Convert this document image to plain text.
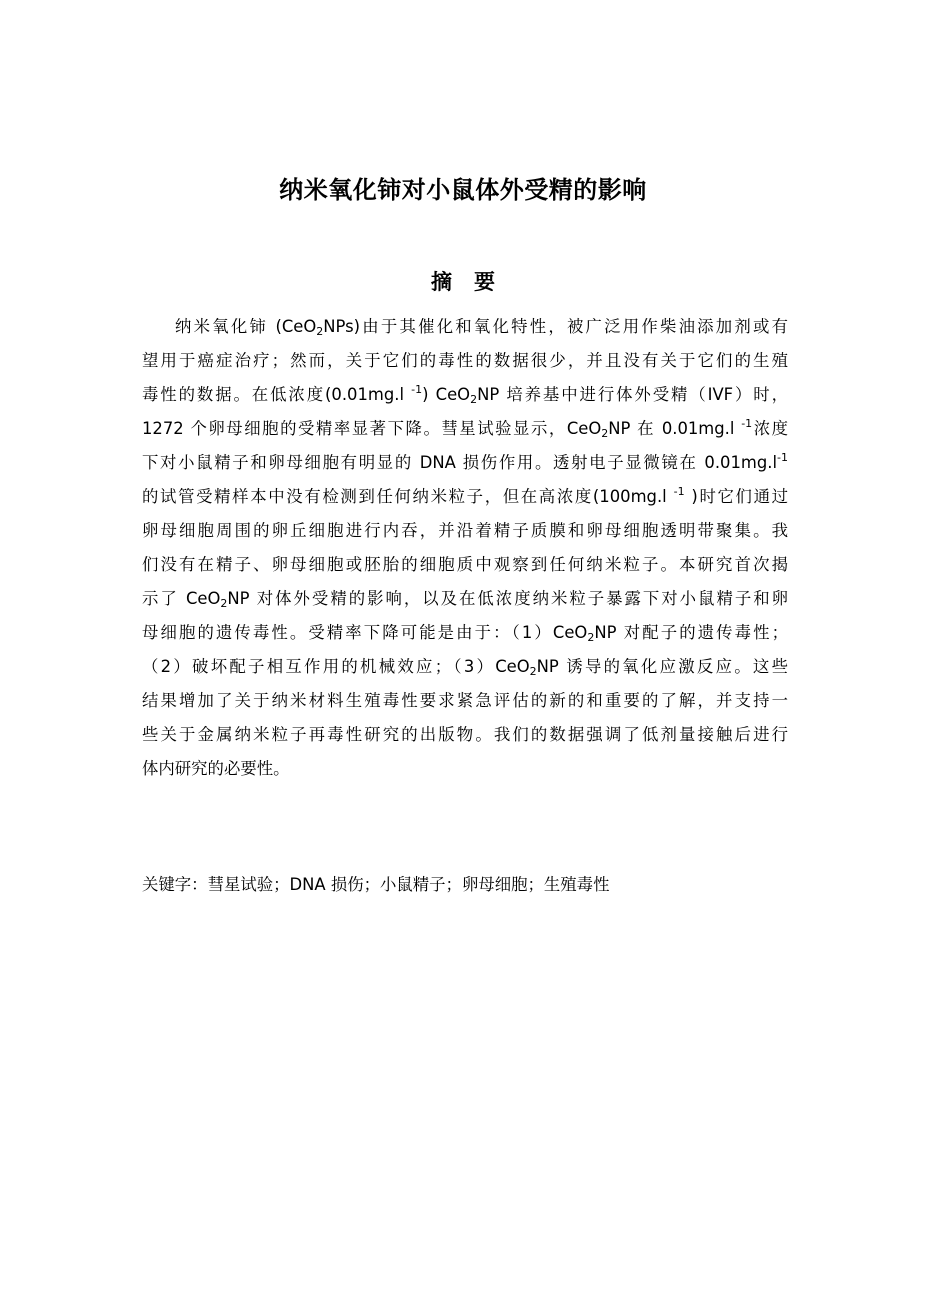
纳米氧化铈对小鼠体外受精的影响
摘 要
纳米氧化铈 (CeO$_2$NPs)由于其催化和氧化特性，被广泛用作柴油添加剂或有
望用于癌症治疗；然而，关于它们的毒性的数据很少，并且没有关于它们的生殖
毒性的数据。在低浓度(0.01mg.l $^{-1}$) CeO$_2$NP 培养基中进行体外受精（IVF）时，
1272 个卵母细胞的受精率显著下降。彗星试验显示，CeO$_2$NP 在 0.01mg.l $^{-1}$浓度
下对小鼠精子和卵母细胞有明显的 DNA 损伤作用。透射电子显微镜在 $0.01mg.l^{-1}$
的试管受精样本中没有检测到任何纳米粒子，但在高浓度(100mg.l $^{-1}$ )时它们通过
卵母细胞周围的卵丘细胞进行内吞，并沿着精子质膜和卵母细胞透明带聚集。我
们没有在精子、卵母细胞或胚胎的细胞质中观察到任何纳米粒子。本研究首次揭
示了 CeO$_2$NP 对体外受精的影响，以及在低浓度纳米粒子暴露下对小鼠精子和卵
母细胞的遗传毒性。受精率下降可能是由于：（1）CeO$_2$NP 对配子的遗传毒性；
（2）破坏配子相互作用的机械效应；（3）CeO$_2$NP 诱导的氧化应激反应。这些
结果增加了关于纳米材料生殖毒性要求紧急评估的新的和重要的了解，并支持一
些关于金属纳米粒子再毒性研究的出版物。我们的数据强调了低剂量接触后进行
体内研究的必要性。
关键字：彗星试验；DNA 损伤；小鼠精子；卵母细胞；生殖毒性
